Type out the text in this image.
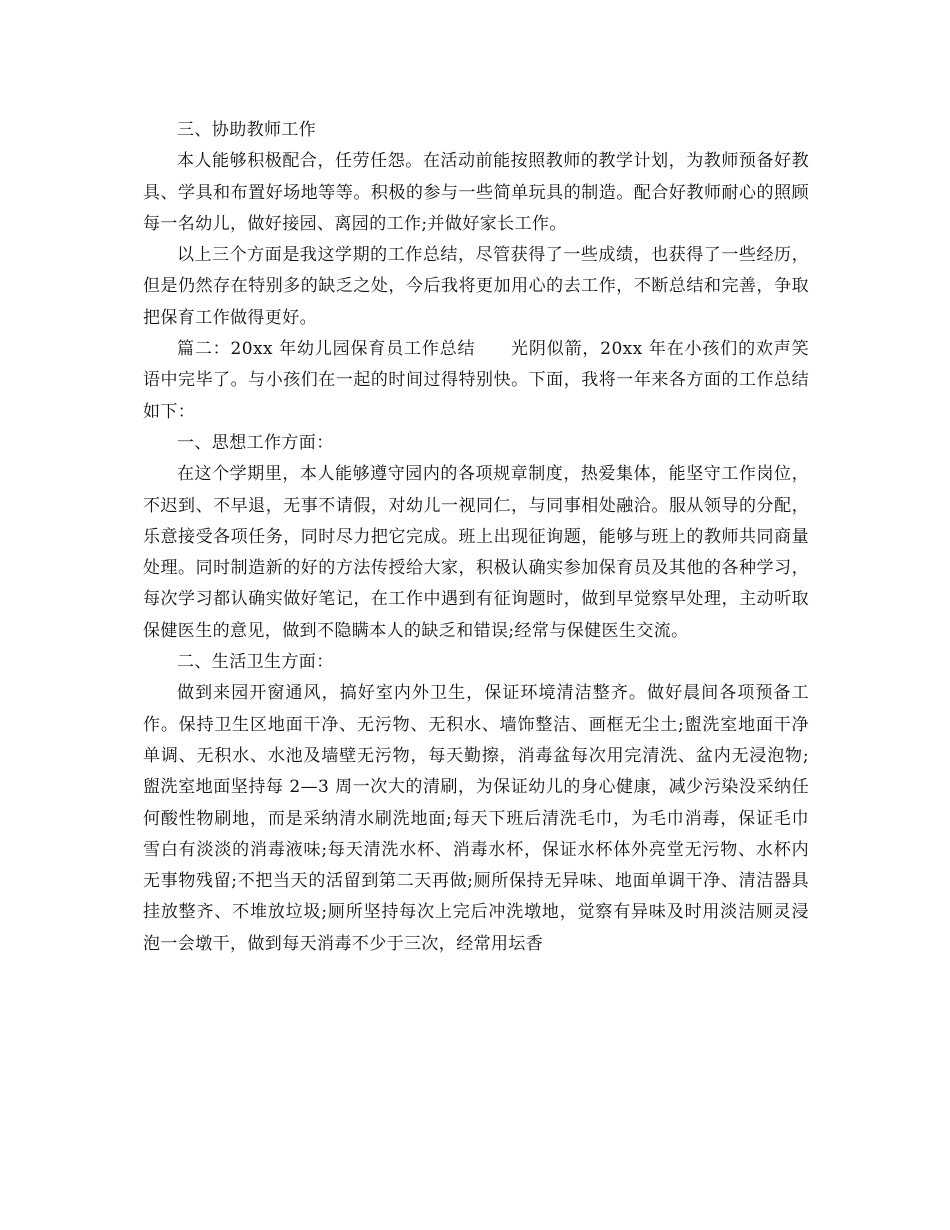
三、协助教师工作

本人能够积极配合，任劳任怨。在活动前能按照教师的教学计划，为教师预备好教具、学具和布置好场地等等。积极的参与一些简单玩具的制造。配合好教师耐心的照顾每一名幼儿，做好接园、离园的工作;并做好家长工作。

以上三个方面是我这学期的工作总结，尽管获得了一些成绩，也获得了一些经历，但是仍然存在特别多的缺乏之处，今后我将更加用心的去工作，不断总结和完善，争取把保育工作做得更好。

篇二：20xx 年幼儿园保育员工作总结　　光阴似箭，20xx 年在小孩们的欢声笑语中完毕了。与小孩们在一起的时间过得特别快。下面，我将一年来各方面的工作总结如下：

一、思想工作方面：

在这个学期里，本人能够遵守园内的各项规章制度，热爱集体，能坚守工作岗位，不迟到、不早退，无事不请假，对幼儿一视同仁，与同事相处融洽。服从领导的分配，乐意接受各项任务，同时尽力把它完成。班上出现征询题，能够与班上的教师共同商量处理。同时制造新的好的方法传授给大家，积极认确实参加保育员及其他的各种学习，每次学习都认确实做好笔记，在工作中遇到有征询题时，做到早觉察早处理，主动听取保健医生的意见，做到不隐瞒本人的缺乏和错误;经常与保健医生交流。

二、生活卫生方面：

做到来园开窗通风，搞好室内外卫生，保证环境清洁整齐。做好晨间各项预备工作。保持卫生区地面干净、无污物、无积水、墙饰整洁、画框无尘土;盥洗室地面干净单调、无积水、水池及墙壁无污物，每天勤擦，消毒盆每次用完清洗、盆内无浸泡物;盥洗室地面坚持每 2—3 周一次大的清刷，为保证幼儿的身心健康，减少污染没采纳任何酸性物刷地，而是采纳清水刷洗地面;每天下班后清洗毛巾，为毛巾消毒，保证毛巾雪白有淡淡的消毒液味;每天清洗水杯、消毒水杯，保证水杯体外亮堂无污物、水杯内无事物残留;不把当天的活留到第二天再做;厕所保持无异味、地面单调干净、清洁器具挂放整齐、不堆放垃圾;厕所坚持每次上完后冲洗墩地，觉察有异味及时用淡洁厕灵浸泡一会墩干，做到每天消毒不少于三次，经常用坛香
